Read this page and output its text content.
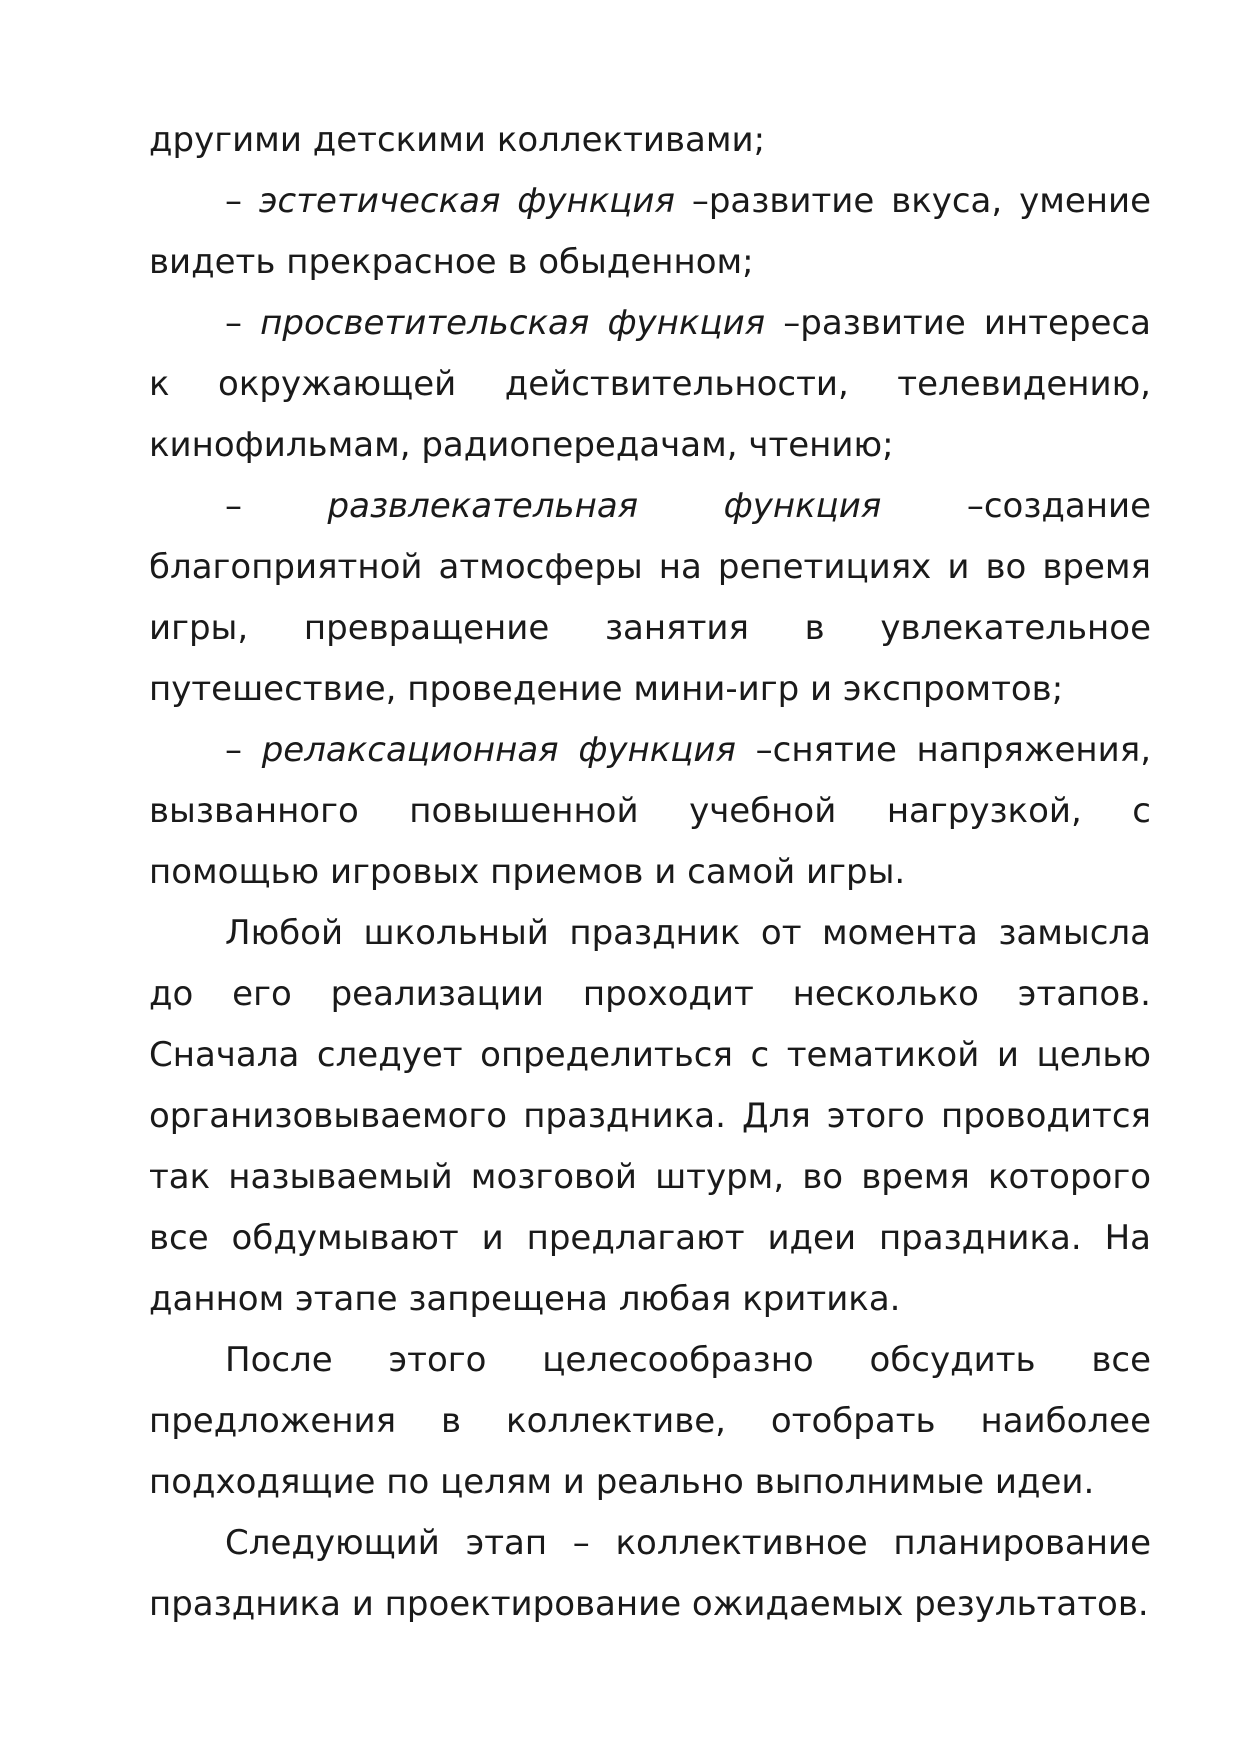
другими детскими коллективами;

– эстетическая функция –развитие вкуса, умение видеть прекрасное в обыденном;

– просветительская функция –развитие интереса к окружающей действительности, телевидению, кинофильмам, радиопередачам, чтению;

– развлекательная функция –создание благоприятной атмосферы на репетициях и во время игры, превращение занятия в увлекательное путешествие, проведение мини-игр и экспромтов;

– релаксационная функция –снятие напряжения, вызванного повышенной учебной нагрузкой, с помощью игровых приемов и самой игры.

Любой школьный праздник от момента замысла до его реализации проходит несколько этапов. Сначала следует определиться с тематикой и целью организовываемого праздника. Для этого проводится так называемый мозговой штурм, во время которого все обдумывают и предлагают идеи праздника. На данном этапе запрещена любая критика.

После этого целесообразно обсудить все предложения в коллективе, отобрать наиболее подходящие по целям и реально выполнимые идеи.

Следующий этап – коллективное планирование праздника и проектирование ожидаемых результатов.
